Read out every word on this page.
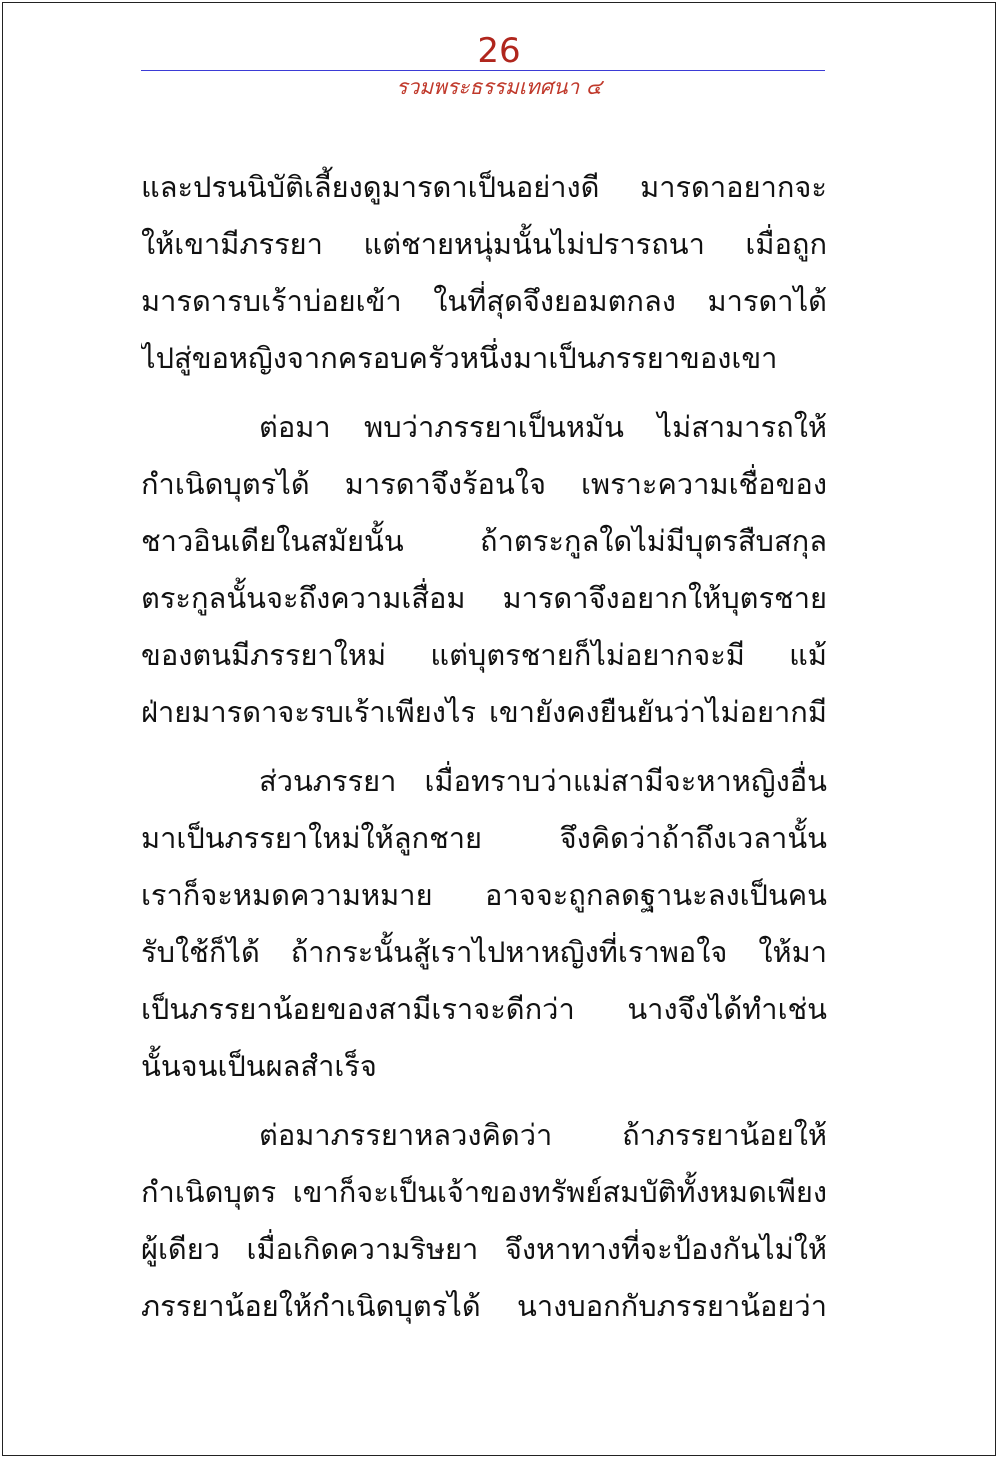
26
รวมพระธรรมเทศนา ๔
และปรนนิบัติเลี้ยงดูมารดาเป็นอย่างดี มารดาอยากจะ
ให้เขามีภรรยา แต่ชายหนุ่มนั้นไม่ปรารถนา เมื่อถูก
มารดารบเร้าบ่อยเข้า ในที่สุดจึงยอมตกลง มารดาได้
ไปสู่ขอหญิงจากครอบครัวหนึ่งมาเป็นภรรยาของเขา
ต่อมา พบว่าภรรยาเป็นหมัน ไม่สามารถให้
กำเนิดบุตรได้ มารดาจึงร้อนใจ เพราะความเชื่อของ
ชาวอินเดียในสมัยนั้น ถ้าตระกูลใดไม่มีบุตรสืบสกุล
ตระกูลนั้นจะถึงความเสื่อม มารดาจึงอยากให้บุตรชาย
ของตนมีภรรยาใหม่ แต่บุตรชายก็ไม่อยากจะมี แม้
ฝ่ายมารดาจะรบเร้าเพียงไร เขายังคงยืนยันว่าไม่อยากมี
ส่วนภรรยา เมื่อทราบว่าแม่สามีจะหาหญิงอื่น
มาเป็นภรรยาใหม่ให้ลูกชาย จึงคิดว่าถ้าถึงเวลานั้น
เราก็จะหมดความหมาย อาจจะถูกลดฐานะลงเป็นคน
รับใช้ก็ได้ ถ้ากระนั้นสู้เราไปหาหญิงที่เราพอใจ ให้มา
เป็นภรรยาน้อยของสามีเราจะดีกว่า นางจึงได้ทำเช่น
นั้นจนเป็นผลสำเร็จ
ต่อมาภรรยาหลวงคิดว่า ถ้าภรรยาน้อยให้
กำเนิดบุตร เขาก็จะเป็นเจ้าของทรัพย์สมบัติทั้งหมดเพียง
ผู้เดียว เมื่อเกิดความริษยา จึงหาทางที่จะป้องกันไม่ให้
ภรรยาน้อยให้กำเนิดบุตรได้ นางบอกกับภรรยาน้อยว่า
